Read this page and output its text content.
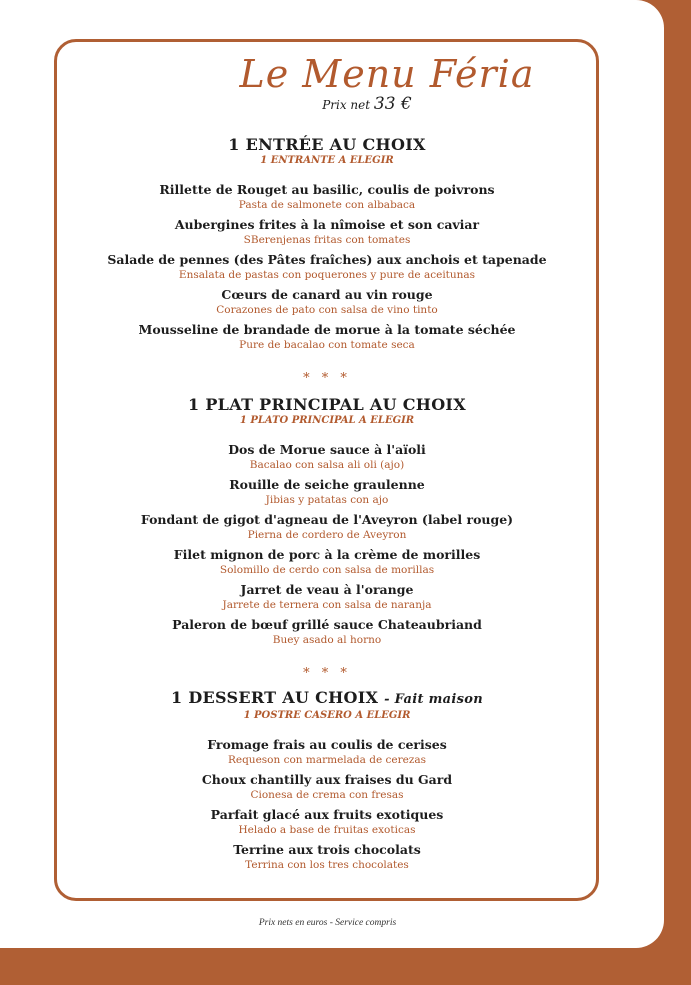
Le Menu Féria
Prix net 33 €
1 ENTRÉE AU CHOIX
1 ENTRANTE A ELEGIR
Rillette de Rouget au basilic, coulis de poivrons
Pasta de salmonete con albabaca
Aubergines frites à la nîmoise et son caviar
SBerenjenas fritas con tomates
Salade de pennes (des Pâtes fraîches) aux anchois et tapenade
Ensalata de pastas con poquerones y pure de aceitunas
Cœurs de canard au vin rouge
Corazones de pato con salsa de vino tinto
Mousseline de brandade de morue à la tomate séchée
Pure de bacalao con tomate seca
* * *
1 PLAT PRINCIPAL AU CHOIX
1 PLATO PRINCIPAL A ELEGIR
Dos de Morue sauce à l'aïoli
Bacalao con salsa ali oli (ajo)
Rouille de seiche graulenne
Jibias y patatas con ajo
Fondant de gigot d'agneau de l'Aveyron (label rouge)
Pierna de cordero de Aveyron
Filet mignon de porc à la crème de morilles
Solomillo de cerdo con salsa de morillas
Jarret de veau à l'orange
Jarrete de ternera con salsa de naranja
Paleron de bœuf grillé sauce Chateaubriand
Buey asado al horno
* * *
1 DESSERT AU CHOIX - Fait maison
1 POSTRE CASERO A ELEGIR
Fromage frais au coulis de cerises
Requeson con marmelada de cerezas
Choux chantilly aux fraises du Gard
Cionesa de crema con fresas
Parfait glacé aux fruits exotiques
Helado a base de fruitas exoticas
Terrine aux trois chocolats
Terrina con los tres chocolates
Prix nets en euros - Service compris
